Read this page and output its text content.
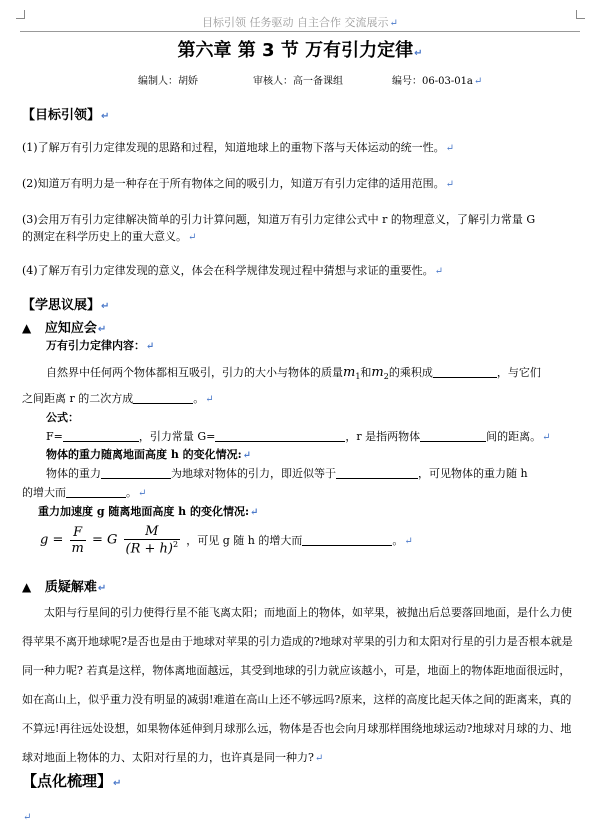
目标引领 任务驱动 自主合作 交流展示↵
第六章 第 3 节 万有引力定律↵
编制人：胡娇	审核人：高一备课组	编号：06-03-01a↵
【目标引领】↵
(1)了解万有引力定律发现的思路和过程，知道地球上的重物下落与天体运动的统一性。↵
(2)知道万有明力是一种存在于所有物体之间的吸引力，知道万有引力定律的适用范围。↵
(3)会用万有引力定律解决简单的引力计算问题，知道万有引力定律公式中 r 的物理意义，了解引力常量 G
的测定在科学历史上的重大意义。↵
(4)了解万有引力定律发现的意义，体会在科学规律发现过程中猜想与求证的重要性。↵
【学思议展】↵
▲ 应知应会↵
万有引力定律内容：↵
自然界中任何两个物体都相互吸引，引力的大小与物体的质量$m_1$和$m_2$的乘积成	，与它们
之间距离 r 的二次方成	。↵
公式：
F=	，引力常量 G=	，r 是指两物体	间的距离。↵
物体的重力随离地面高度 h 的变化情况:↵
物体的重力	为地球对物体的引力，即近似等于	，可见物体的重力随 h
的增大而	。↵
重力加速度 g 随离地面高度 h 的变化情况:↵
$g = \frac{F}{m} = G \frac{M}{(R + h)^2}$ ，可见 g 随 h 的增大而	。↵
▲ 质疑解难↵
太阳与行星间的引力使得行星不能飞离太阳；而地面上的物体，如苹果，被抛出后总要落回地面，是什么力使得苹果不离开地球呢?是否也是由于地球对苹果的引力造成的?地球对苹果的引力和太阳对行星的引力是否根本就是同一种力呢? 若真是这样，物体离地面越远，其受到地球的引力就应该越小，可是，地面上的物体距地面很远时，如在高山上，似乎重力没有明显的减弱!难道在高山上还不够远吗?原来，这样的高度比起天体之间的距离来，真的不算远!再往远处设想，如果物体延伸到月球那么远，物体是否也会向月球那样围绕地球运动?地球对月球的力、地球对地面上物体的力、太阳对行星的力，也许真是同一种力?↵
【点化梳理】↵
↵
